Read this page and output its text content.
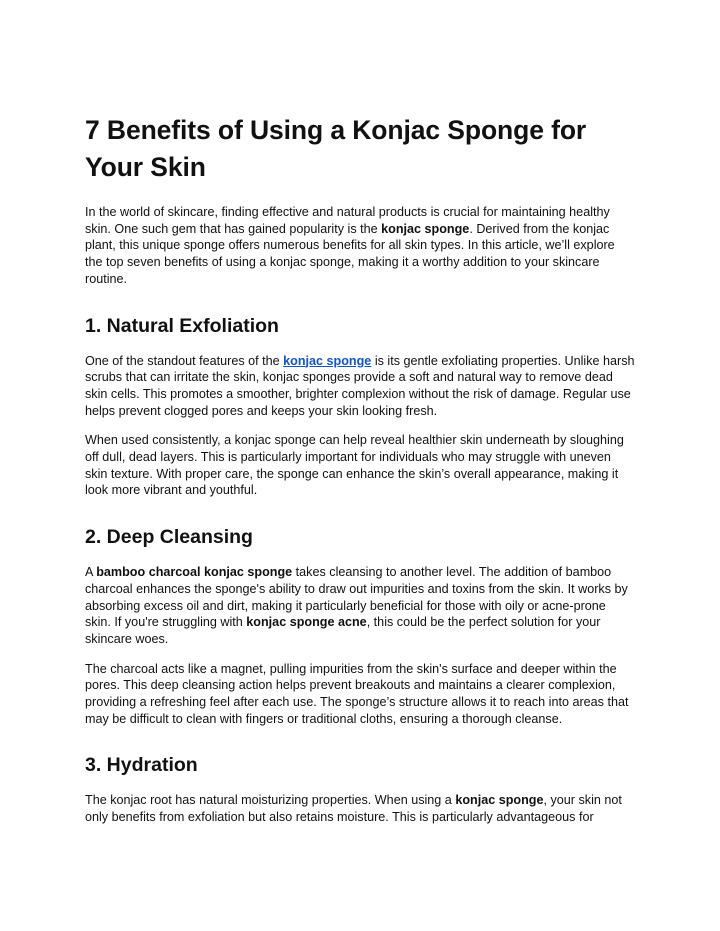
7 Benefits of Using a Konjac Sponge for Your Skin

In the world of skincare, finding effective and natural products is crucial for maintaining healthy skin. One such gem that has gained popularity is the konjac sponge. Derived from the konjac plant, this unique sponge offers numerous benefits for all skin types. In this article, we’ll explore the top seven benefits of using a konjac sponge, making it a worthy addition to your skincare routine.

1. Natural Exfoliation

One of the standout features of the konjac sponge is its gentle exfoliating properties. Unlike harsh scrubs that can irritate the skin, konjac sponges provide a soft and natural way to remove dead skin cells. This promotes a smoother, brighter complexion without the risk of damage. Regular use helps prevent clogged pores and keeps your skin looking fresh.

When used consistently, a konjac sponge can help reveal healthier skin underneath by sloughing off dull, dead layers. This is particularly important for individuals who may struggle with uneven skin texture. With proper care, the sponge can enhance the skin’s overall appearance, making it look more vibrant and youthful.

2. Deep Cleansing

A bamboo charcoal konjac sponge takes cleansing to another level. The addition of bamboo charcoal enhances the sponge's ability to draw out impurities and toxins from the skin. It works by absorbing excess oil and dirt, making it particularly beneficial for those with oily or acne-prone skin. If you're struggling with konjac sponge acne, this could be the perfect solution for your skincare woes.

The charcoal acts like a magnet, pulling impurities from the skin's surface and deeper within the pores. This deep cleansing action helps prevent breakouts and maintains a clearer complexion, providing a refreshing feel after each use. The sponge’s structure allows it to reach into areas that may be difficult to clean with fingers or traditional cloths, ensuring a thorough cleanse.

3. Hydration

The konjac root has natural moisturizing properties. When using a konjac sponge, your skin not only benefits from exfoliation but also retains moisture. This is particularly advantageous for
